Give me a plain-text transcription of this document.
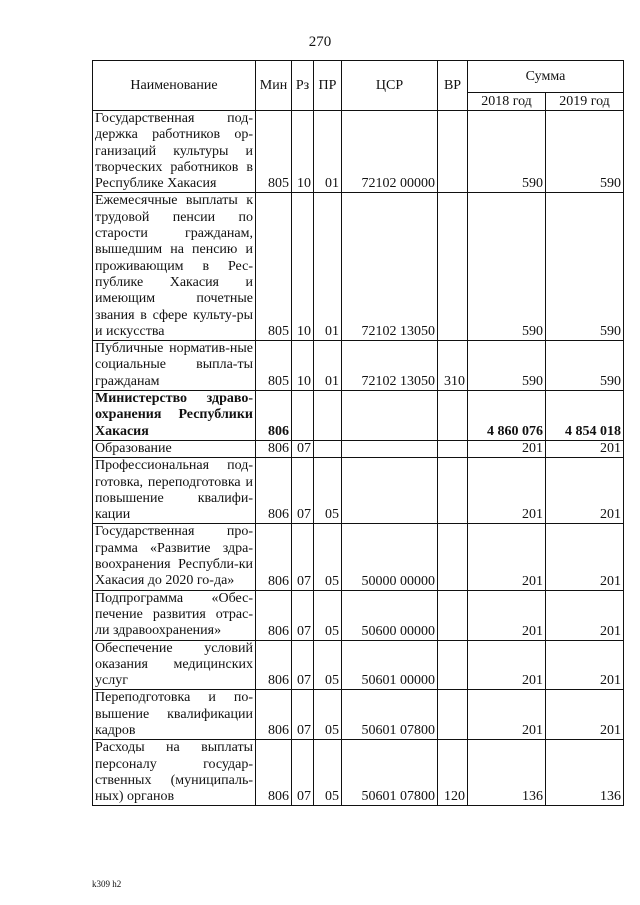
270
Наименование	Мин	Рз	ПР	ЦСР	ВР	Сумма	
						2018 год	2019 год
Государственная под-держка работников ор-ганизаций культуры и творческих работников в Республике Хакасия	805	10	01	72102 00000		590	590
Ежемесячные выплаты к трудовой пенсии по старости гражданам, вышедшим на пенсию и проживающим в Рес-публике Хакасия и имеющим почетные звания в сфере культу-ры и искусства	805	10	01	72102 13050		590	590
Публичные норматив-ные социальные выпла-ты гражданам	805	10	01	72102 13050	310	590	590
Министерство здраво-охранения Республики Хакасия	806					4 860 076	4 854 018
Образование	806	07				201	201
Профессиональная под-готовка, переподготовка и повышение квалифи-кации	806	07	05			201	201
Государственная про-грамма «Развитие здра-воохранения Республи-ки Хакасия до 2020 го-да»	806	07	05	50000 00000		201	201
Подпрограмма «Обес-печение развития отрас-ли здравоохранения»	806	07	05	50600 00000		201	201
Обеспечение условий оказания медицинских услуг	806	07	05	50601 00000		201	201
Переподготовка и по-вышение квалификации кадров	806	07	05	50601 07800		201	201
Расходы на выплаты персоналу государ-ственных (муниципаль-ных) органов	806	07	05	50601 07800	120	136	136
k309 h2
